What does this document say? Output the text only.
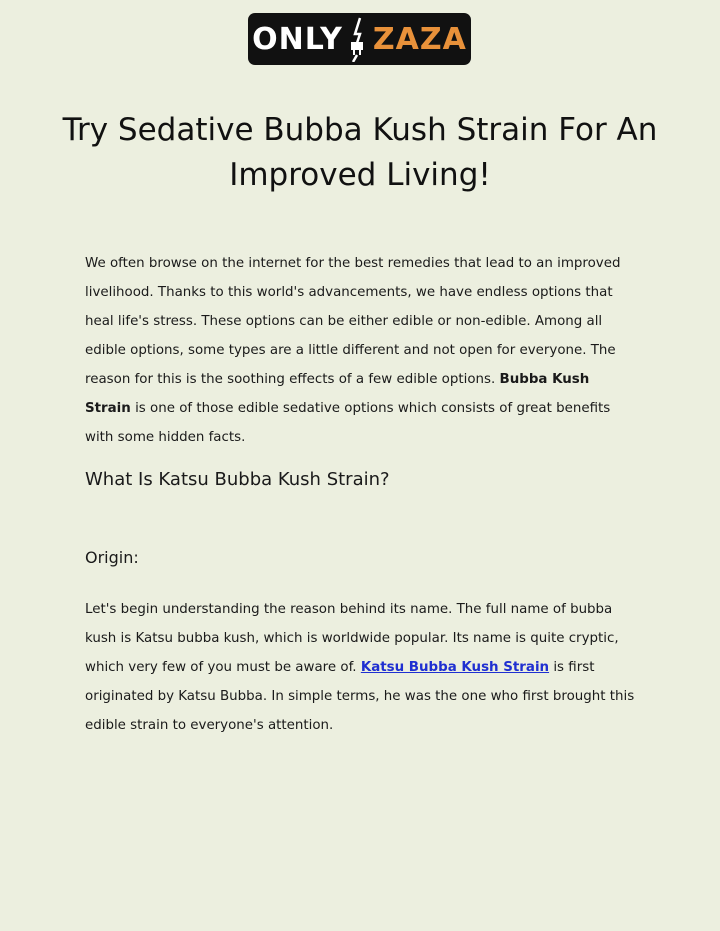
ONLY ZAZA
Try Sedative Bubba Kush Strain For An Improved Living!

We often browse on the internet for the best remedies that lead to an improved livelihood. Thanks to this world's advancements, we have endless options that heal life's stress. These options can be either edible or non-edible. Among all edible options, some types are a little different and not open for everyone. The reason for this is the soothing effects of a few edible options. Bubba Kush Strain is one of those edible sedative options which consists of great benefits with some hidden facts.

What Is Katsu Bubba Kush Strain?
Origin:

Let's begin understanding the reason behind its name. The full name of bubba kush is Katsu bubba kush, which is worldwide popular. Its name is quite cryptic, which very few of you must be aware of. Katsu Bubba Kush Strain is first originated by Katsu Bubba. In simple terms, he was the one who first brought this edible strain to everyone's attention.
